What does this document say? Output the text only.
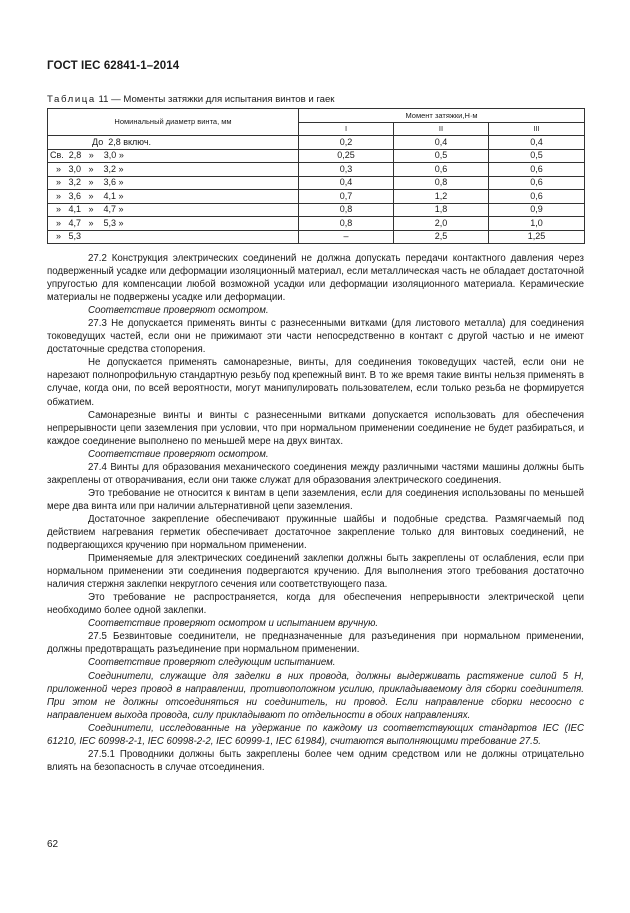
ГОСТ IEC 62841-1–2014
Таблица 11 — Моменты затяжки для испытания винтов и гаек
Номинальный диаметр винта, мм	Момент затяжки,Н·м		
	I	II	III
До  2,8 включ.	0,2	0,4	0,4
Св.  2,8   »    3,0 »	0,25	0,5	0,5
»   3,0   »    3,2 »	0,3	0,6	0,6
»   3,2   »    3,6 »	0,4	0,8	0,6
»   3,6   »    4,1 »	0,7	1,2	0,6
»   4,1   »    4,7 »	0,8	1,8	0,9
»   4,7   »    5,3 »	0,8	2,0	1,0
»   5,3	–	2,5	1,25

27.2 Конструкция электрических соединений не должна допускать передачи контактного давления через подверженный усадке или деформации изоляционный материал, если металлическая часть не обладает достаточной упругостью для компенсации любой возможной усадки или деформации изоляционного материала. Керамические материалы не подвержены усадке или деформации.

Соответствие проверяют осмотром.

27.3 Не допускается применять винты с разнесенными витками (для листового металла) для соединения токоведущих частей, если они не прижимают эти части непосредственно в контакт с другой частью и не имеют достаточные средства стопорения.

Не допускается применять самонарезные, винты, для соединения токоведущих частей, если они не нарезают полнопрофильную стандартную резьбу под крепежный винт. В то же время такие винты нельзя применять в случае, когда они, по всей вероятности, могут манипулировать пользователем, если только резьба не формируется обжатием.

Самонарезные винты и винты с разнесенными витками допускается использовать для обеспечения непрерывности цепи заземления при условии, что при нормальном применении соединение не будет разбираться, и каждое соединение выполнено по меньшей мере на двух винтах.

Соответствие проверяют осмотром.

27.4 Винты для образования механического соединения между различными частями машины должны быть закреплены от отворачивания, если они также служат для образования электрического соединения.

Это требование не относится к винтам в цепи заземления, если для соединения использованы по меньшей мере два винта или при наличии альтернативной цепи заземления.

Достаточное закрепление обеспечивают пружинные шайбы и подобные средства. Размягчаемый под действием нагревания герметик обеспечивает достаточное закрепление только для винтовых соединений, не подвергающихся кручению при нормальном применении.

Применяемые для электрических соединений заклепки должны быть закреплены от ослабления, если при нормальном применении эти соединения подвергаются кручению. Для выполнения этого требования достаточно наличия стержня заклепки некруглого сечения или соответствующего паза.

Это требование не распространяется, когда для обеспечения непрерывности электрической цепи необходимо более одной заклепки.

Соответствие проверяют осмотром и испытанием вручную.

27.5 Безвинтовые соединители, не предназначенные для разъединения при нормальном применении, должны предотвращать разъединение при нормальном применении.

Соответствие проверяют следующим испытанием.

Соединители, служащие для заделки в них провода, должны выдерживать растяжение силой 5 Н, приложенной через провод в направлении, противоположном усилию, прикладываемому для сборки соединителя. При этом не должны отсоединяться ни соединитель, ни провод. Если направление сборки несоосно с направлением выхода провода, силу прикладывают по отдельности в обоих направлениях.

Соединители, исследованные на удержание по каждому из соответствующих стандартов IEC (IEC 61210, IEC 60998-2-1, IEC 60998-2-2, IEC 60999-1, IEC 61984), считаются выполняющими требование 27.5.

27.5.1 Проводники должны быть закреплены более чем одним средством или не должны отрицательно влиять на безопасность в случае отсоединения.

62
